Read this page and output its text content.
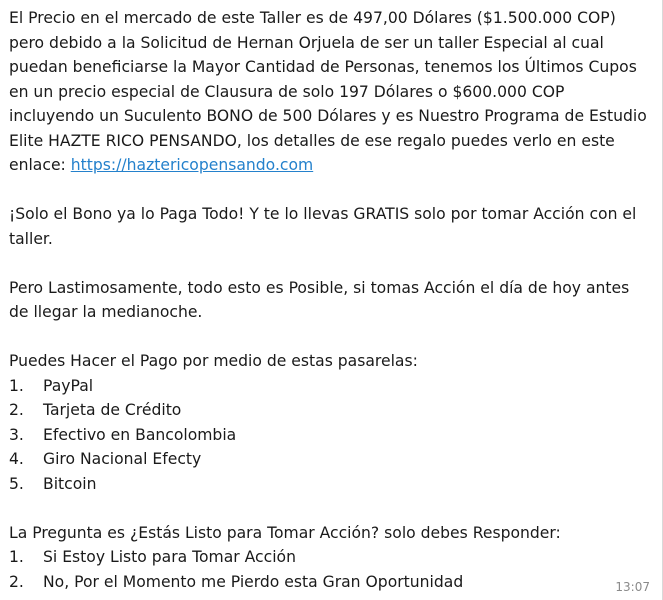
El Precio en el mercado de este Taller es de 497,00 Dólares ($1.500.000 COP) pero debido a la Solicitud de Hernan Orjuela de ser un taller Especial al cual puedan beneficiarse la Mayor Cantidad de Personas, tenemos los Últimos Cupos en un precio especial de Clausura de solo 197 Dólares o $600.000 COP incluyendo un Suculento BONO de 500 Dólares y es Nuestro Programa de Estudio Elite HAZTE RICO PENSANDO, los detalles de ese regalo puedes verlo en este enlace: https://haztericopensando.com

¡Solo el Bono ya lo Paga Todo! Y te lo llevas GRATIS solo por tomar Acción con el taller.

Pero Lastimosamente, todo esto es Posible, si tomas Acción el día de hoy antes de llegar la medianoche.

Puedes Hacer el Pago por medio de estas pasarelas:

1.	PayPal
2.	Tarjeta de Crédito
3.	Efectivo en Bancolombia
4.	Giro Nacional Efecty
5.	Bitcoin

La Pregunta es ¿Estás Listo para Tomar Acción? solo debes Responder:

1.	Si Estoy Listo para Tomar Acción
2.	No, Por el Momento me Pierdo esta Gran Oportunidad	13:07
